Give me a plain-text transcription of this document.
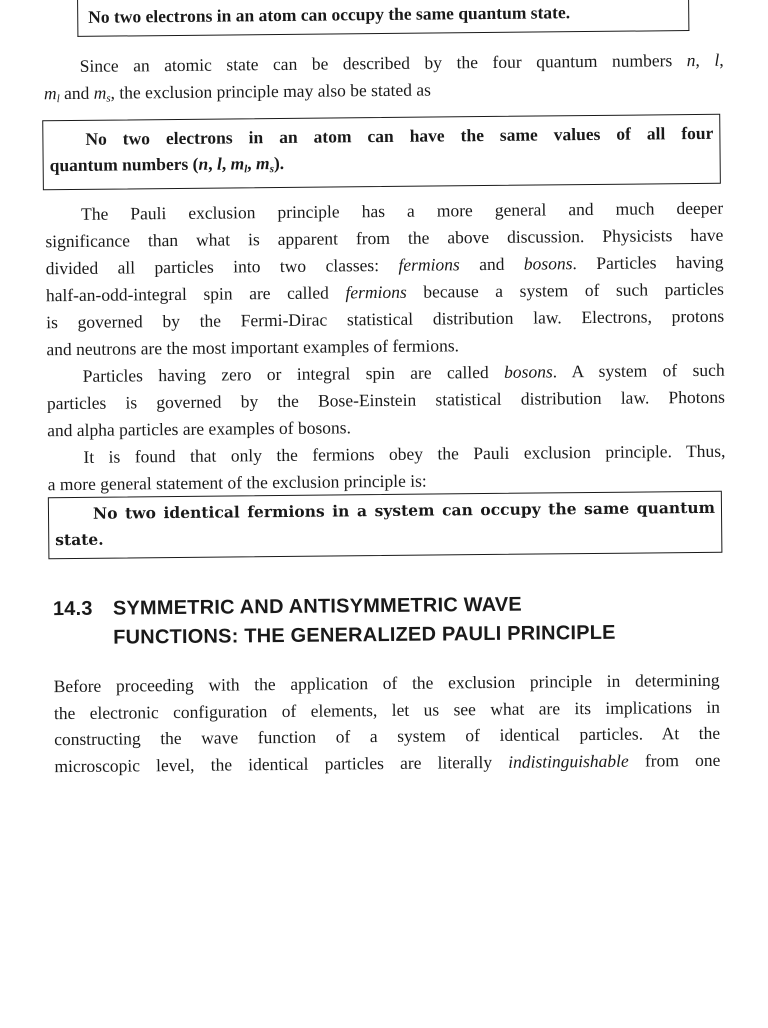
No two electrons in an atom can occupy the same quantum state.
Since an atomic state can be described by the four quantum numbers n, l,
$m_l$ and $m_s$, the exclusion principle may also be stated as
No two electrons in an atom can have the same values of all four
quantum numbers (n, l, $m_l$, $m_s$).
The Pauli exclusion principle has a more general and much deeper
significance than what is apparent from the above discussion. Physicists have
divided all particles into two classes: fermions and bosons. Particles having
half-an-odd-integral spin are called fermions because a system of such particles
is governed by the Fermi-Dirac statistical distribution law. Electrons, protons
and neutrons are the most important examples of fermions.
Particles having zero or integral spin are called bosons. A system of such
particles is governed by the Bose-Einstein statistical distribution law. Photons
and alpha particles are examples of bosons.
It is found that only the fermions obey the Pauli exclusion principle. Thus,
a more general statement of the exclusion principle is:
No two identical fermions in a system can occupy the same quantum
state.
14.3 SYMMETRIC AND ANTISYMMETRIC WAVE
FUNCTIONS: THE GENERALIZED PAULI PRINCIPLE
Before proceeding with the application of the exclusion principle in determining
the electronic configuration of elements, let us see what are its implications in
constructing the wave function of a system of identical particles. At the
microscopic level, the identical particles are literally indistinguishable from one
